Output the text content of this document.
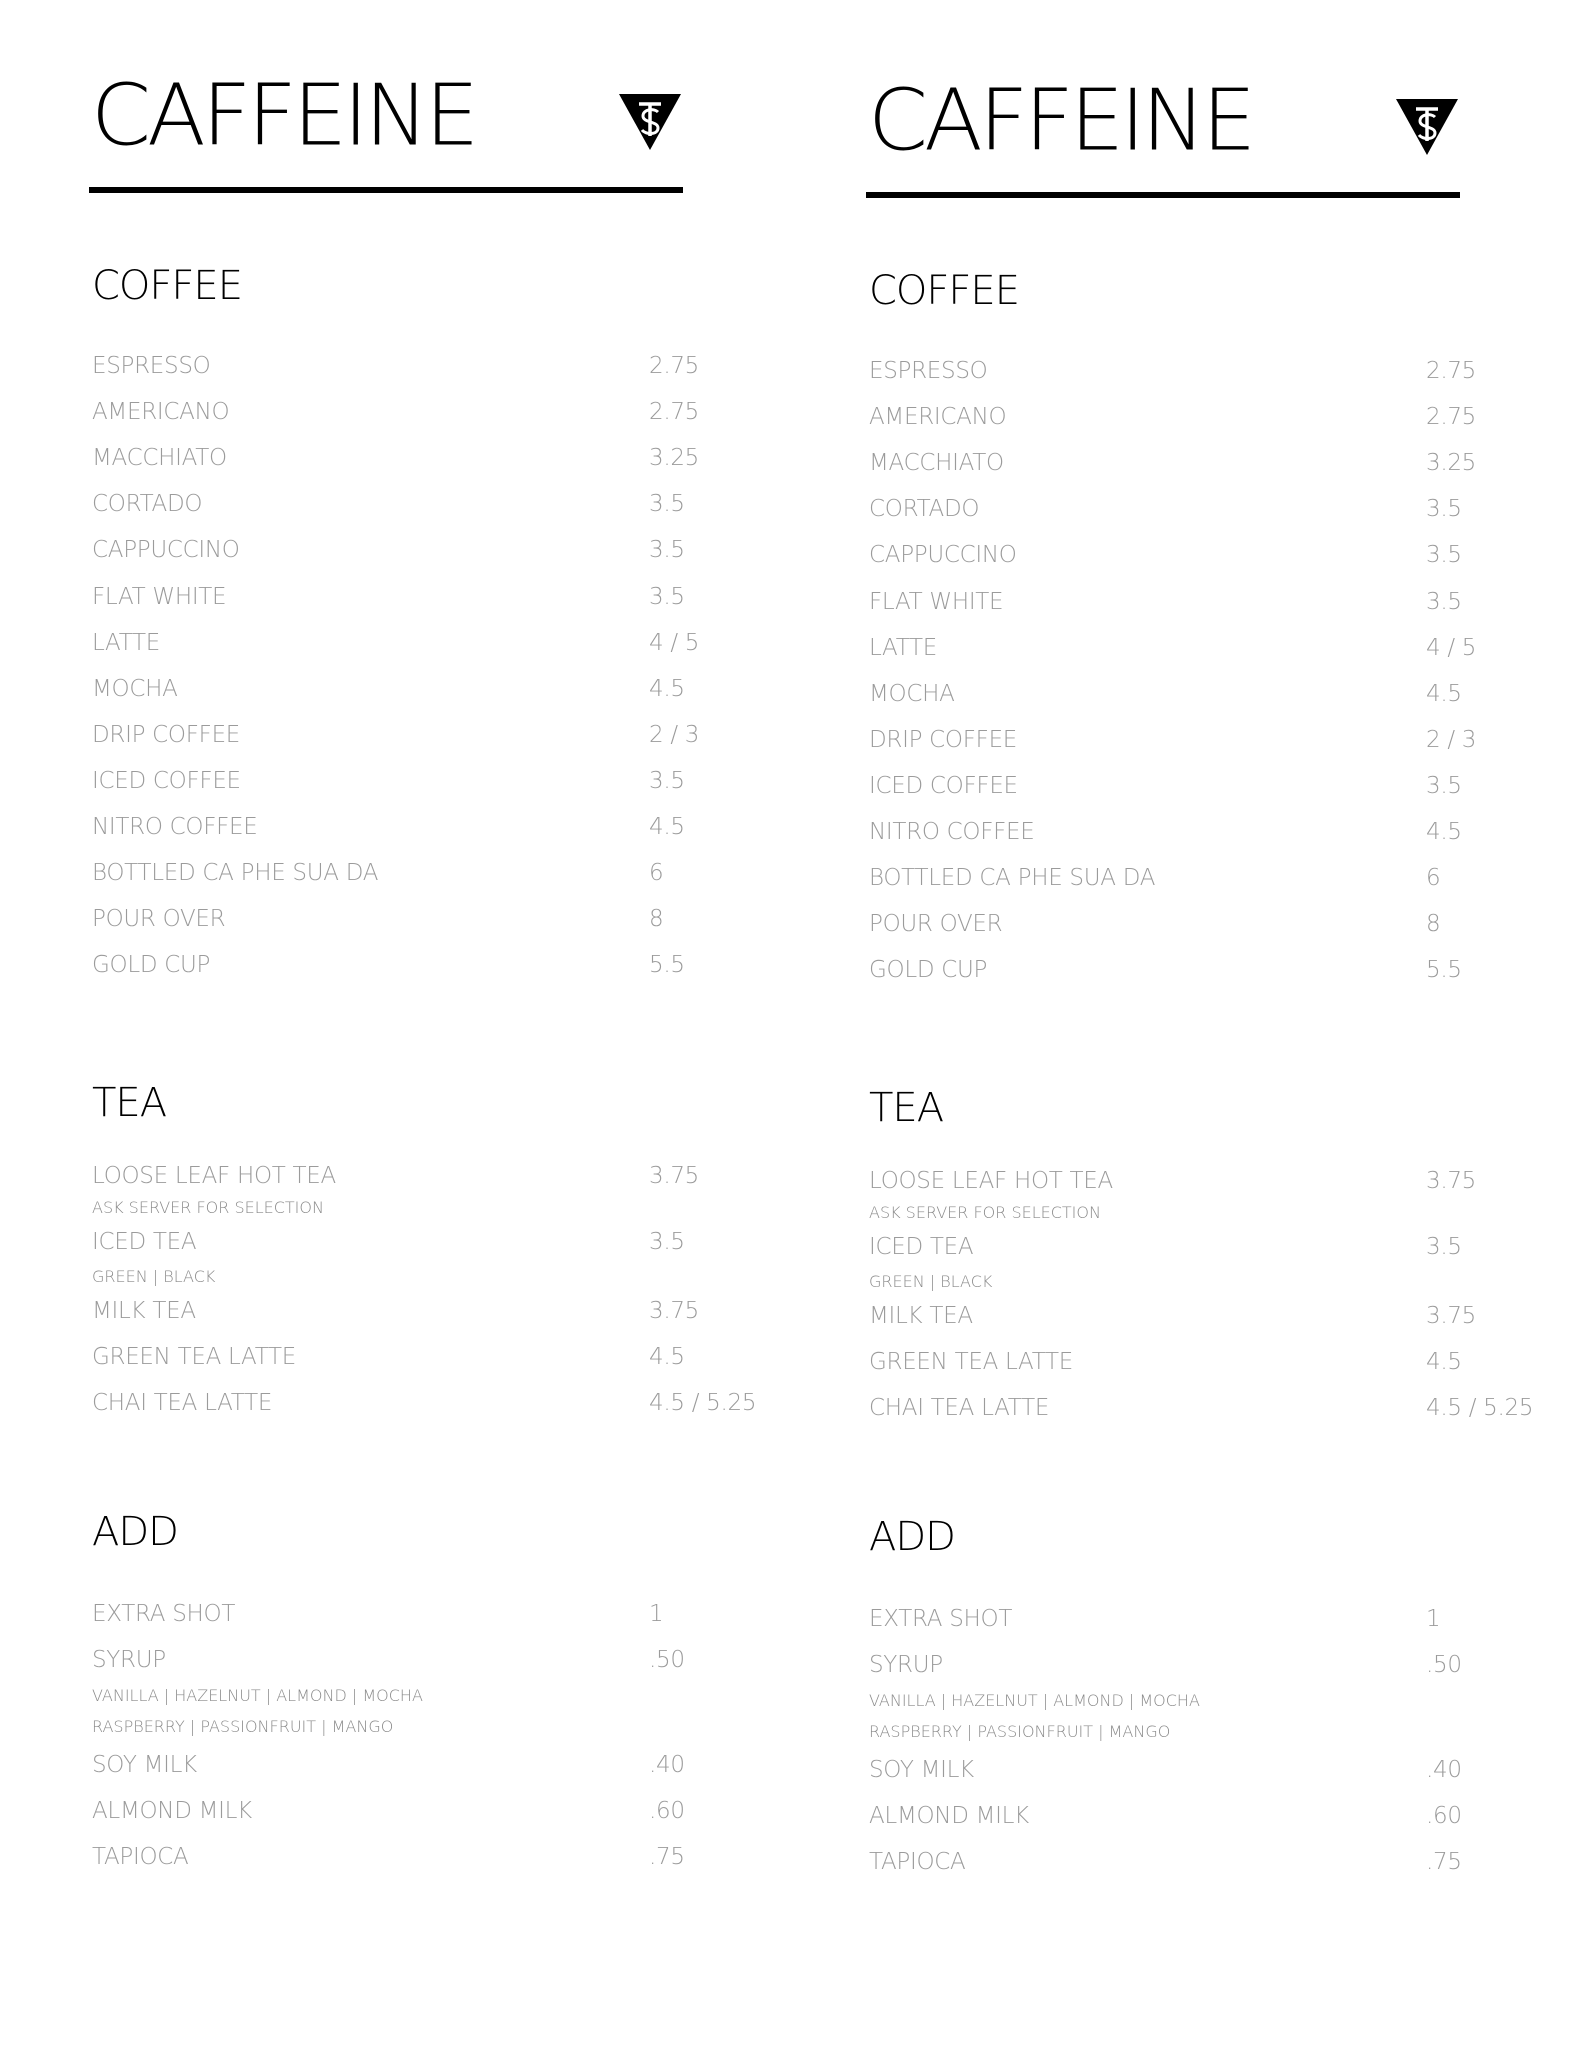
CAFFEINE
COFFEE
ESPRESSO	2.75
AMERICANO	2.75
MACCHIATO	3.25
CORTADO	3.5
CAPPUCCINO	3.5
FLAT WHITE	3.5
LATTE	4 / 5
MOCHA	4.5
DRIP COFFEE	2 / 3
ICED COFFEE	3.5
NITRO COFFEE	4.5
BOTTLED CA PHE SUA DA	6
POUR OVER	8
GOLD CUP	5.5
TEA
LOOSE LEAF HOT TEA	3.75
ASK SERVER FOR SELECTION
ICED TEA	3.5
GREEN | BLACK
MILK TEA	3.75
GREEN TEA LATTE	4.5
CHAI TEA LATTE	4.5 / 5.25
ADD
EXTRA SHOT	1
SYRUP	.50
VANILLA | HAZELNUT | ALMOND | MOCHA
RASPBERRY | PASSIONFRUIT | MANGO
SOY MILK	.40
ALMOND MILK	.60
TAPIOCA	.75
CAFFEINE
COFFEE
ESPRESSO	2.75
AMERICANO	2.75
MACCHIATO	3.25
CORTADO	3.5
CAPPUCCINO	3.5
FLAT WHITE	3.5
LATTE	4 / 5
MOCHA	4.5
DRIP COFFEE	2 / 3
ICED COFFEE	3.5
NITRO COFFEE	4.5
BOTTLED CA PHE SUA DA	6
POUR OVER	8
GOLD CUP	5.5
TEA
LOOSE LEAF HOT TEA	3.75
ASK SERVER FOR SELECTION
ICED TEA	3.5
GREEN | BLACK
MILK TEA	3.75
GREEN TEA LATTE	4.5
CHAI TEA LATTE	4.5 / 5.25
ADD
EXTRA SHOT	1
SYRUP	.50
VANILLA | HAZELNUT | ALMOND | MOCHA
RASPBERRY | PASSIONFRUIT | MANGO
SOY MILK	.40
ALMOND MILK	.60
TAPIOCA	.75
